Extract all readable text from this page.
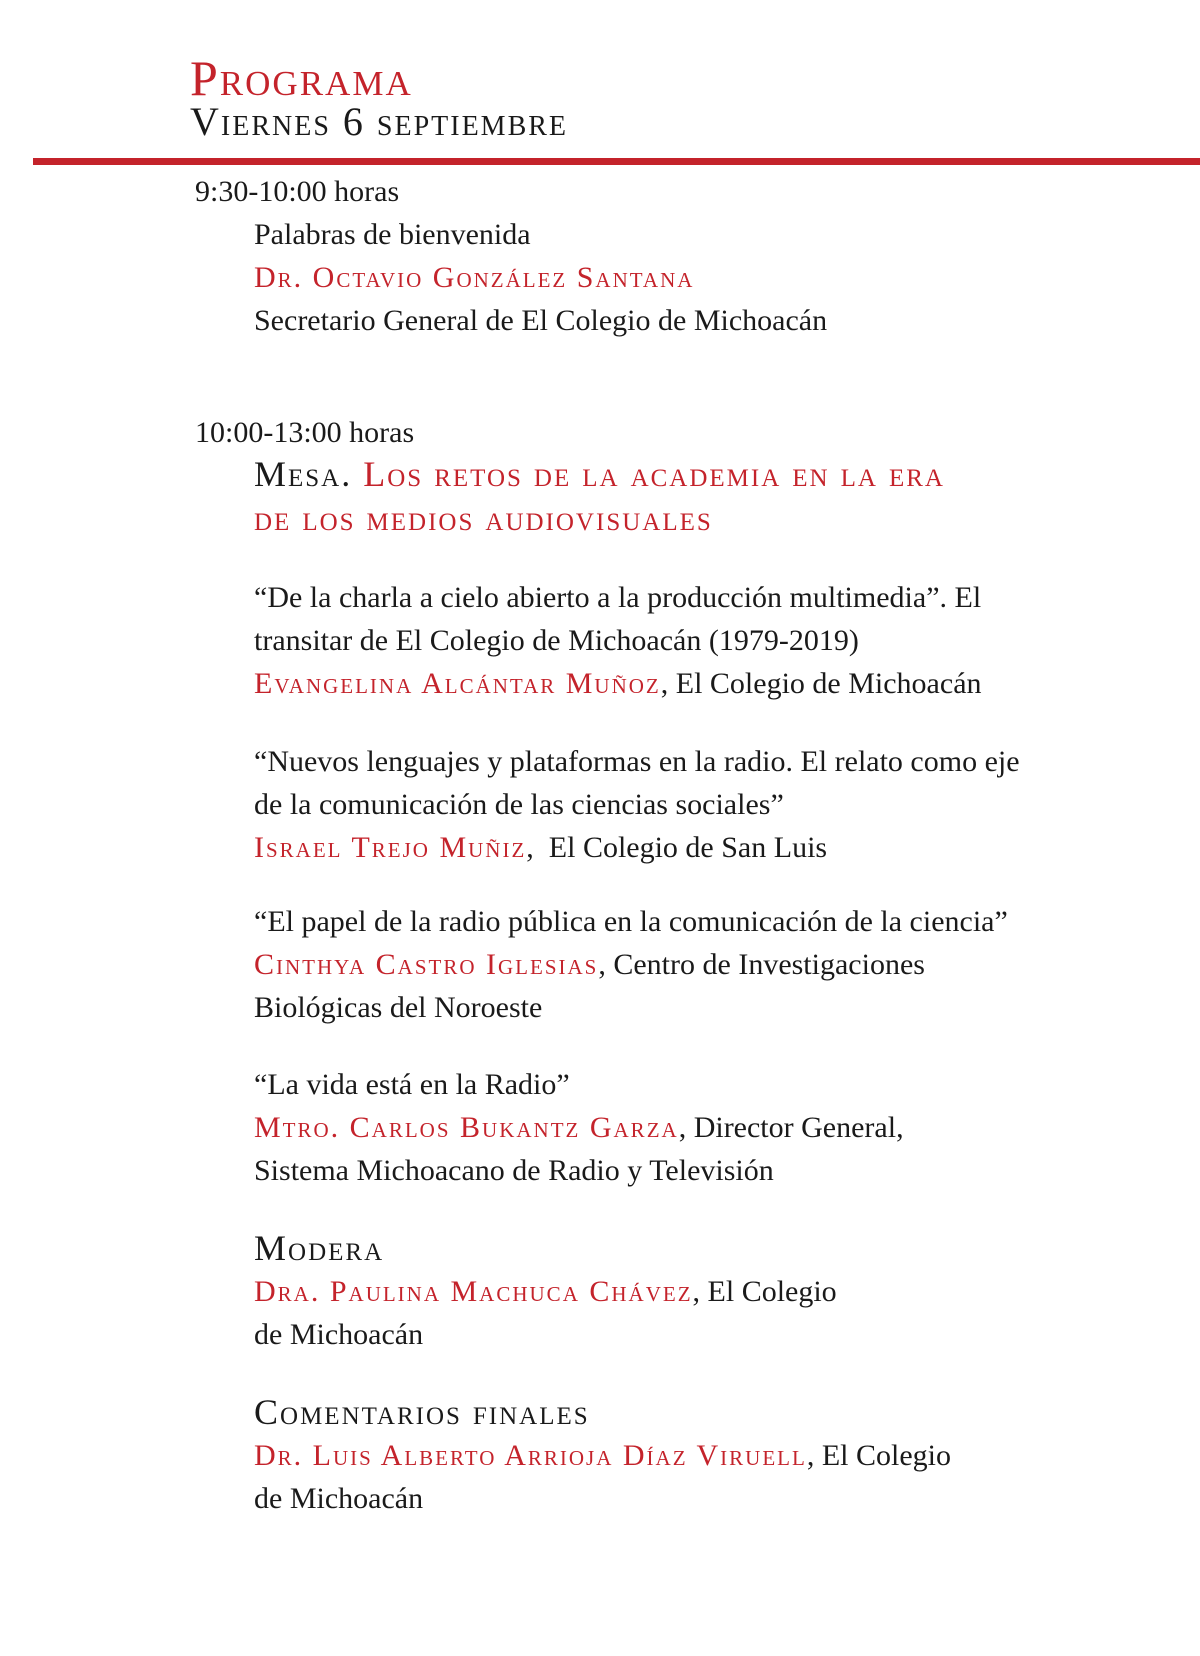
Programa
Viernes 6 septiembre
9:30-10:00 horas
Palabras de bienvenida
Dr. Octavio González Santana
Secretario General de El Colegio de Michoacán
10:00-13:00 horas
Mesa. Los retos de la academia en la era
de los medios audiovisuales
“De la charla a cielo abierto a la producción multimedia”. El
transitar de El Colegio de Michoacán (1979-2019)
Evangelina Alcántar Muñoz, El Colegio de Michoacán
“Nuevos lenguajes y plataformas en la radio. El relato como eje
de la comunicación de las ciencias sociales”
Israel Trejo Muñiz,  El Colegio de San Luis
“El papel de la radio pública en la comunicación de la ciencia”
Cinthya Castro Iglesias, Centro de Investigaciones
Biológicas del Noroeste
“La vida está en la Radio”
Mtro. Carlos Bukantz Garza, Director General,
Sistema Michoacano de Radio y Televisión
Modera
Dra. Paulina Machuca Chávez, El Colegio
de Michoacán
Comentarios finales
Dr. Luis Alberto Arrioja Díaz Viruell, El Colegio
de Michoacán
